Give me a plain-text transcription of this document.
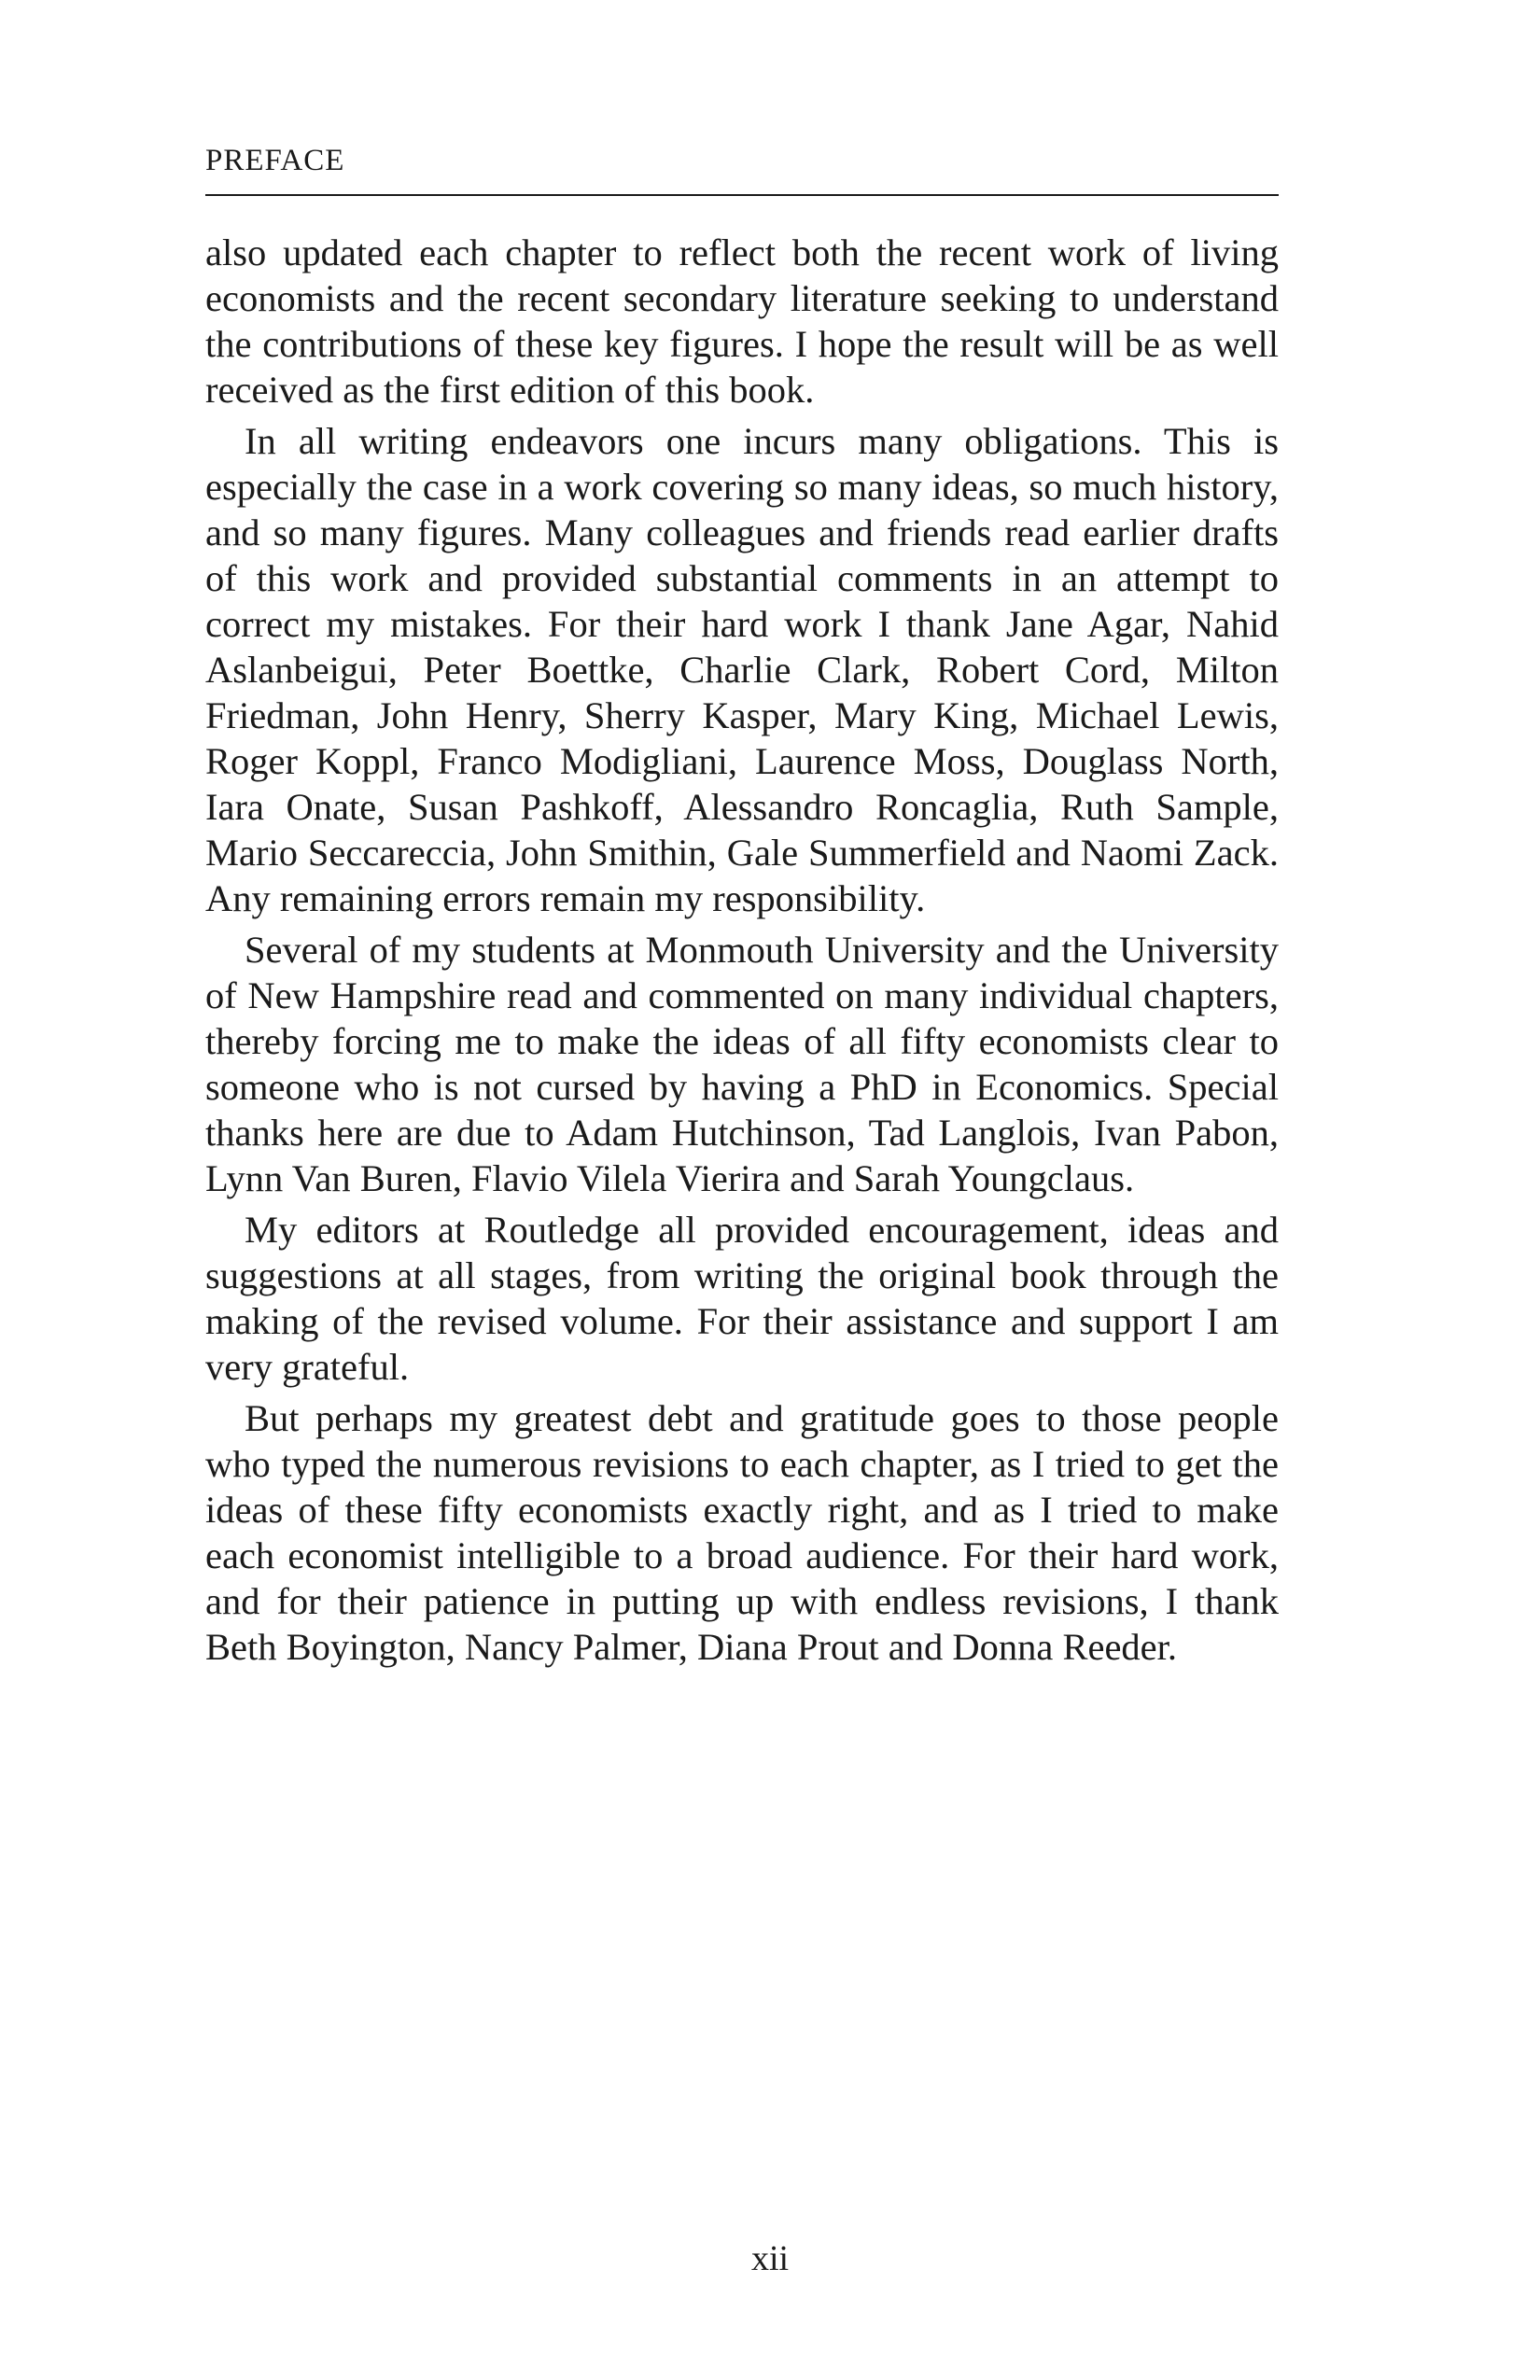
PREFACE

also updated each chapter to reflect both the recent work of living economists and the recent secondary literature seeking to understand the contributions of these key figures. I hope the result will be as well received as the first edition of this book.

In all writing endeavors one incurs many obligations. This is especially the case in a work covering so many ideas, so much history, and so many figures. Many colleagues and friends read earlier drafts of this work and provided substantial comments in an attempt to correct my mistakes. For their hard work I thank Jane Agar, Nahid Aslanbeigui, Peter Boettke, Charlie Clark, Robert Cord, Milton Friedman, John Henry, Sherry Kasper, Mary King, Michael Lewis, Roger Koppl, Franco Modigliani, Laurence Moss, Douglass North, Iara Onate, Susan Pashkoff, Alessandro Roncaglia, Ruth Sample, Mario Seccareccia, John Smithin, Gale Summerfield and Naomi Zack. Any remaining errors remain my responsibility.

Several of my students at Monmouth University and the University of New Hampshire read and commented on many individual chapters, thereby forcing me to make the ideas of all fifty economists clear to someone who is not cursed by having a PhD in Economics. Special thanks here are due to Adam Hutchinson, Tad Langlois, Ivan Pabon, Lynn Van Buren, Flavio Vilela Vierira and Sarah Youngclaus.

My editors at Routledge all provided encouragement, ideas and suggestions at all stages, from writing the original book through the making of the revised volume. For their assistance and support I am very grateful.

But perhaps my greatest debt and gratitude goes to those people who typed the numerous revisions to each chapter, as I tried to get the ideas of these fifty economists exactly right, and as I tried to make each economist intelligible to a broad audience. For their hard work, and for their patience in putting up with endless revisions, I thank Beth Boyington, Nancy Palmer, Diana Prout and Donna Reeder.

xii
